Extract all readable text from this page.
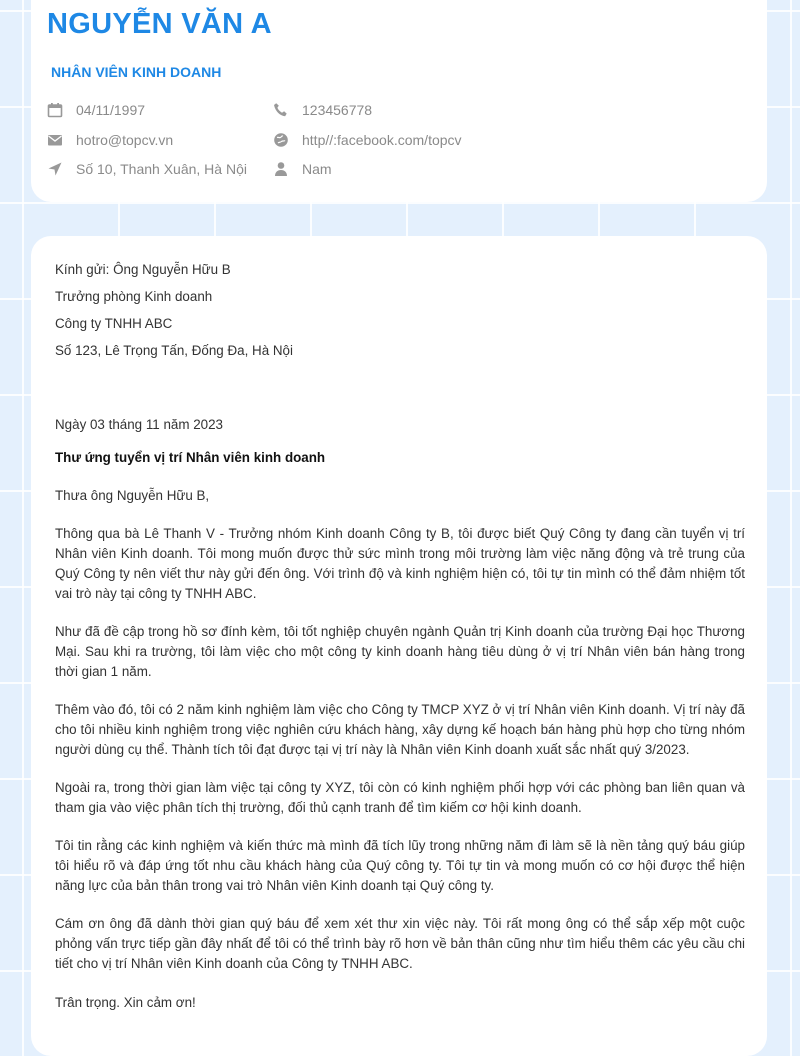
NGUYỄN VĂN A
NHÂN VIÊN KINH DOANH
04/11/1997	123456778
hotro@topcv.vn	http//:facebook.com/topcv
Số 10, Thanh Xuân, Hà Nội	Nam

Kính gửi: Ông Nguyễn Hữu B

Trưởng phòng Kinh doanh

Công ty TNHH ABC

Số 123, Lê Trọng Tấn, Đống Đa, Hà Nội

Ngày 03 tháng 11 năm 2023

Thư ứng tuyển vị trí Nhân viên kinh doanh

Thưa ông Nguyễn Hữu B,

Thông qua bà Lê Thanh V - Trưởng nhóm Kinh doanh Công ty B, tôi được biết Quý Công ty đang cần tuyển vị trí Nhân viên Kinh doanh. Tôi mong muốn được thử sức mình trong môi trường làm việc năng động và trẻ trung của Quý Công ty nên viết thư này gửi đến ông. Với trình độ và kinh nghiệm hiện có, tôi tự tin mình có thể đảm nhiệm tốt vai trò này tại công ty TNHH ABC.

Như đã đề cập trong hồ sơ đính kèm, tôi tốt nghiệp chuyên ngành Quản trị Kinh doanh của trường Đại học Thương Mại. Sau khi ra trường, tôi làm việc cho một công ty kinh doanh hàng tiêu dùng ở vị trí Nhân viên bán hàng trong thời gian 1 năm.

Thêm vào đó, tôi có 2 năm kinh nghiệm làm việc cho Công ty TMCP XYZ ở vị trí Nhân viên Kinh doanh. Vị trí này đã cho tôi nhiều kinh nghiệm trong việc nghiên cứu khách hàng, xây dựng kế hoạch bán hàng phù hợp cho từng nhóm người dùng cụ thể. Thành tích tôi đạt được tại vị trí này là Nhân viên Kinh doanh xuất sắc nhất quý 3/2023.

Ngoài ra, trong thời gian làm việc tại công ty XYZ, tôi còn có kinh nghiệm phối hợp với các phòng ban liên quan và tham gia vào việc phân tích thị trường, đối thủ cạnh tranh để tìm kiếm cơ hội kinh doanh.

Tôi tin rằng các kinh nghiệm và kiến thức mà mình đã tích lũy trong những năm đi làm sẽ là nền tảng quý báu giúp tôi hiểu rõ và đáp ứng tốt nhu cầu khách hàng của Quý công ty. Tôi tự tin và mong muốn có cơ hội được thể hiện năng lực của bản thân trong vai trò Nhân viên Kinh doanh tại Quý công ty.

Cám ơn ông đã dành thời gian quý báu để xem xét thư xin việc này. Tôi rất mong ông có thể sắp xếp một cuộc phỏng vấn trực tiếp gần đây nhất để tôi có thể trình bày rõ hơn về bản thân cũng như tìm hiểu thêm các yêu cầu chi tiết cho vị trí Nhân viên Kinh doanh của Công ty TNHH ABC.

Trân trọng. Xin cảm ơn!
